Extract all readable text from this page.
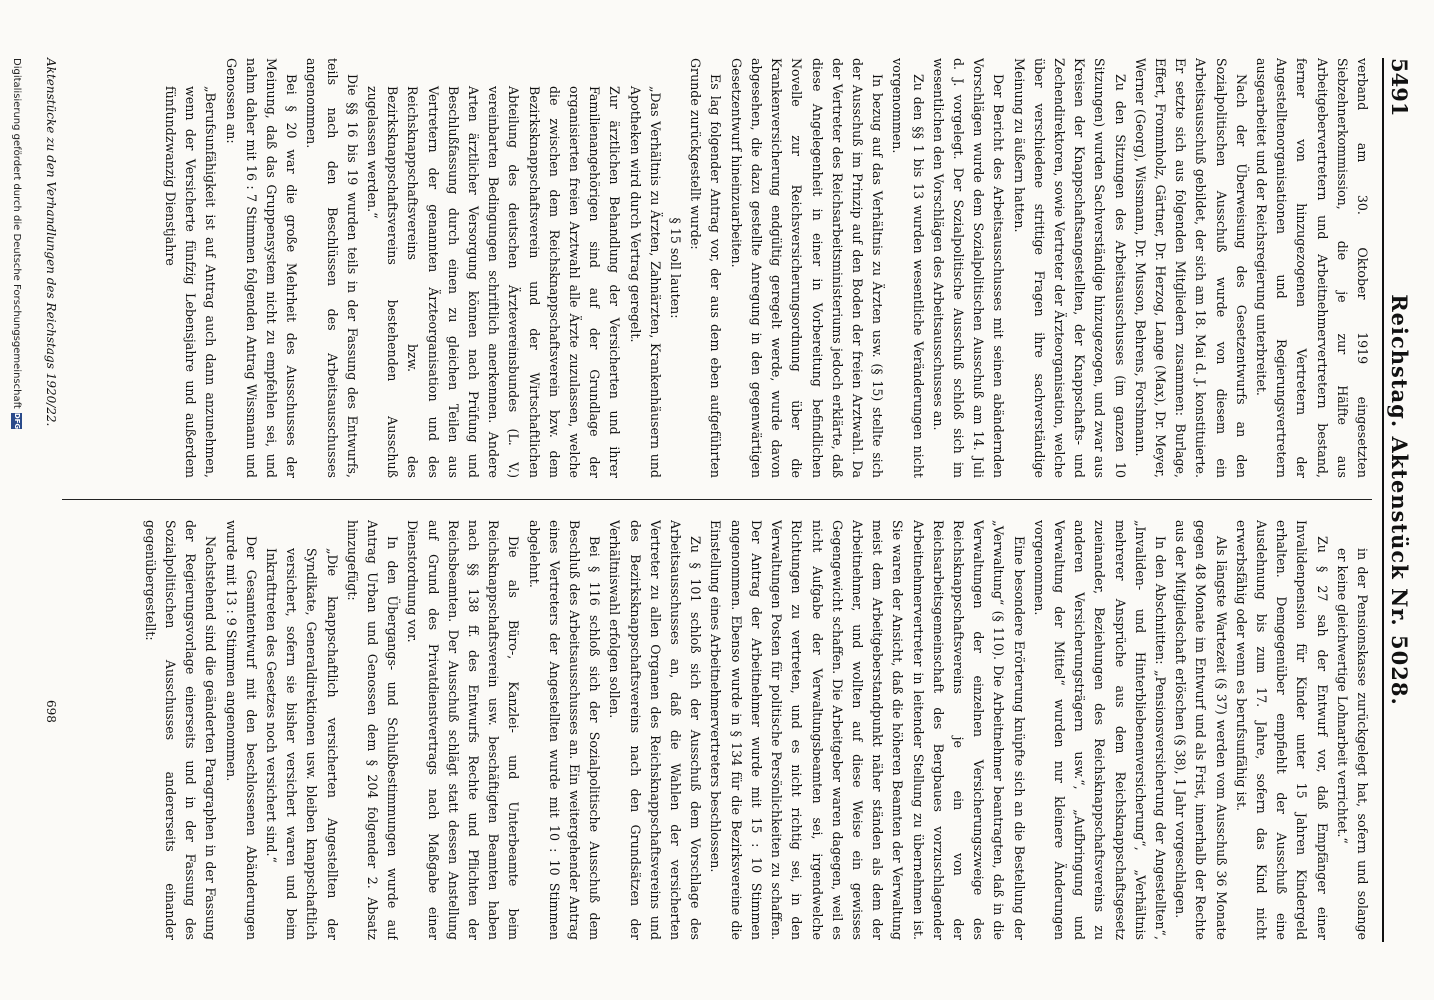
5491
Reichstag. Aktenstück Nr. 5028.

verband am 30. Oktober 1919 eingesetzten Siebzehnerkommission, die je zur Hälfte aus Arbeitgebervertretern und Arbeitnehmervertretern bestand, ferner von hinzugezogenen Vertretern der Angestelltenorganisationen und Regierungsvertretern ausgearbeitet und der Reichsregierung unterbreitet.

Nach der Überweisung des Gesetzentwurfs an den Sozialpolitischen Ausschuß wurde von diesem ein Arbeitsausschuß gebildet, der sich am 18. Mai d. J. konstituierte. Er setzte sich aus folgenden Mitgliedern zusammen: Burlage, Effert, Frommholz, Gärtner, Dr. Herzog, Lange (Max), Dr. Meyer, Werner (Georg), Wissmann, Dr. Musson, Behrens, Forshmann.

Zu den Sitzungen des Arbeitsausschusses (im ganzen 10 Sitzungen) wurden Sachverständige hinzugezogen, und zwar aus Kreisen der Knappschaftsangestellten, der Knappschafts- und Zechendirektoren, sowie Vertreter der Ärzteorganisation, welche über verschiedene strittige Fragen ihre sachverständige Meinung zu äußern hatten.

Der Bericht des Arbeitsausschusses mit seinen abändernden Vorschlägen wurde dem Sozialpolitischen Ausschuß am 14. Juli d. J. vorgelegt. Der Sozialpolitische Ausschuß schloß sich im wesentlichen den Vorschlägen des Arbeitsausschusses an.

Zu den §§ 1 bis 13 wurden wesentliche Veränderungen nicht vorgenommen.

In bezug auf das Verhältnis zu Ärzten usw. (§ 15) stellte sich der Ausschuß im Prinzip auf den Boden der freien Arztwahl. Da der Vertreter des Reichsarbeitsministeriums jedoch erklärte, daß diese Angelegenheit in einer in Vorbereitung befindlichen Novelle zur Reichsversicherungsordnung über die Krankenversicherung endgültig geregelt werde, wurde davon abgesehen, die dazu gestellte Anregung in den gegenwärtigen Gesetzentwurf hineinzuarbeiten.

Es lag folgender Antrag vor, der aus dem eben aufgeführten Grunde zurückgestellt wurde:

§ 15 soll lauten:

„Das Verhältnis zu Ärzten, Zahnärzten, Krankenhäusern und Apotheken wird durch Vertrag geregelt.

Zur ärztlichen Behandlung der Versicherten und ihrer Familienangehörigen sind auf der Grundlage der organisierten freien Arztwahl alle Ärzte zuzulassen, welche die zwischen dem Reichsknappschaftsverein bzw. dem Bezirksknappschaftsverein und der Wirtschaftlichen Abteilung des deutschen Ärztevereinsbundes (L. V.) vereinbarten Bedingungen schriftlich anerkennen. Andere Arten ärztlicher Versorgung können nach Prüfung und Beschlußfassung durch einen zu gleichen Teilen aus Vertretern der genannten Ärzteorganisation und des Reichsknappschaftsvereins bzw. des Bezirksknappschaftsvereins bestehenden Ausschuß zugelassen werden.“

Die §§ 16 bis 19 wurden teils in der Fassung des Entwurfs, teils nach den Beschlüssen des Arbeitsausschusses angenommen.

Bei § 20 war die große Mehrheit des Ausschusses der Meinung, daß das Gruppensystem nicht zu empfehlen sei, und nahm daher mit 16 : 7 Stimmen folgenden Antrag Wissmann und Genossen an:

„Berufsunfähigkeit ist auf Antrag auch dann anzunehmen, wenn der Versicherte fünfzig Lebensjahre und außerdem fünfundzwanzig Dienstjahre

in der Pensionskasse zurückgelegt hat, sofern und solange er keine gleichwertige Lohnarbeit verrichtet.“

Zu § 27 sah der Entwurf vor, daß Empfänger einer Invalidenpension für Kinder unter 15 Jahren Kindergeld erhalten. Demgegenüber empfiehlt der Ausschuß eine Ausdehnung bis zum 17. Jahre, sofern das Kind nicht erwerbsfähig oder wenn es berufsunfähig ist.

Als längste Wartezeit (§ 37) werden vom Ausschuß 36 Monate gegen 48 Monate im Entwurf und als Frist, innerhalb der Rechte aus der Mitgliedschaft erlöschen (§ 38), 1 Jahr vorgeschlagen.

In den Abschnitten: „Pensionsversicherung der Angestellten“, „Invaliden- und Hinterbliebenenversicherung“, „Verhältnis mehrerer Ansprüche aus dem Reichsknappschaftsgesetz zueinander, Beziehungen des Reichsknappschaftsvereins zu anderen Versicherungsträgern usw.“, „Aufbringung und Verwaltung der Mittel“ wurden nur kleinere Änderungen vorgenommen.

Eine besondere Erörterung knüpfte sich an die Bestellung der „Verwaltung“ (§ 110). Die Arbeitnehmer beantragten, daß in die Verwaltungen der einzelnen Versicherungszweige des Reichsknappschaftsvereins je ein von der Reichsarbeitsgemeinschaft des Bergbaues vorzuschlagender Arbeitnehmervertreter in leitender Stellung zu übernehmen ist. Sie waren der Ansicht, daß die höheren Beamten der Verwaltung meist dem Arbeitgeberstandpunkt näher ständen als dem der Arbeitnehmer, und wollten auf diese Weise ein gewisses Gegengewicht schaffen. Die Arbeitgeber waren dagegen, weil es nicht Aufgabe der Verwaltungsbeamten sei, irgendwelche Richtungen zu vertreten, und es nicht richtig sei, in den Verwaltungen Posten für politische Persönlichkeiten zu schaffen. Der Antrag der Arbeitnehmer wurde mit 15 : 10 Stimmen angenommen. Ebenso wurde in § 134 für die Bezirksvereine die Einstellung eines Arbeitnehmervertreters beschlossen.

Zu § 101 schloß sich der Ausschuß dem Vorschlage des Arbeitsausschusses an, daß die Wahlen der versicherten Vertreter zu allen Organen des Reichsknappschaftsvereins und des Bezirksknappschaftsvereins nach den Grundsätzen der Verhältniswahl erfolgen sollen.

Bei § 116 schloß sich der Sozialpolitische Ausschuß dem Beschluß des Arbeitsausschusses an. Ein weitergehender Antrag eines Vertreters der Angestellten wurde mit 10 : 10 Stimmen abgelehnt.

Die als Büro-, Kanzlei- und Unterbeamte beim Reichsknappschaftsverein usw. beschäftigten Beamten haben nach §§ 138 ff. des Entwurfs Rechte und Pflichten der Reichsbeamten. Der Ausschuß schlägt statt dessen Anstellung auf Grund des Privatdienstvertrags nach Maßgabe einer Dienstordnung vor.

In den Übergangs- und Schlußbestimmungen wurde auf Antrag Urban und Genossen dem § 204 folgender 2. Absatz hinzugefügt:

„Die knappschaftlich versicherten Angestellten der Syndikate, Generaldirektionen usw. bleiben knappschaftlich versichert, sofern sie bisher versichert waren und beim Inkrafttreten des Gesetzes noch versichert sind.“

Der Gesamtentwurf mit den beschlossenen Abänderungen wurde mit 13 : 9 Stimmen angenommen.

Nachstehend sind die geänderten Paragraphen in der Fassung der Regierungsvorlage einerseits und in der Fassung des Sozialpolitischen Ausschusses andererseits einander gegenübergestellt:

Aktenstücke zu den Verhandlungen des Reichstags 1920/22.
698
Digitalisierung gefördert durch die Deutsche Forschungsgemeinschaft
DFG
